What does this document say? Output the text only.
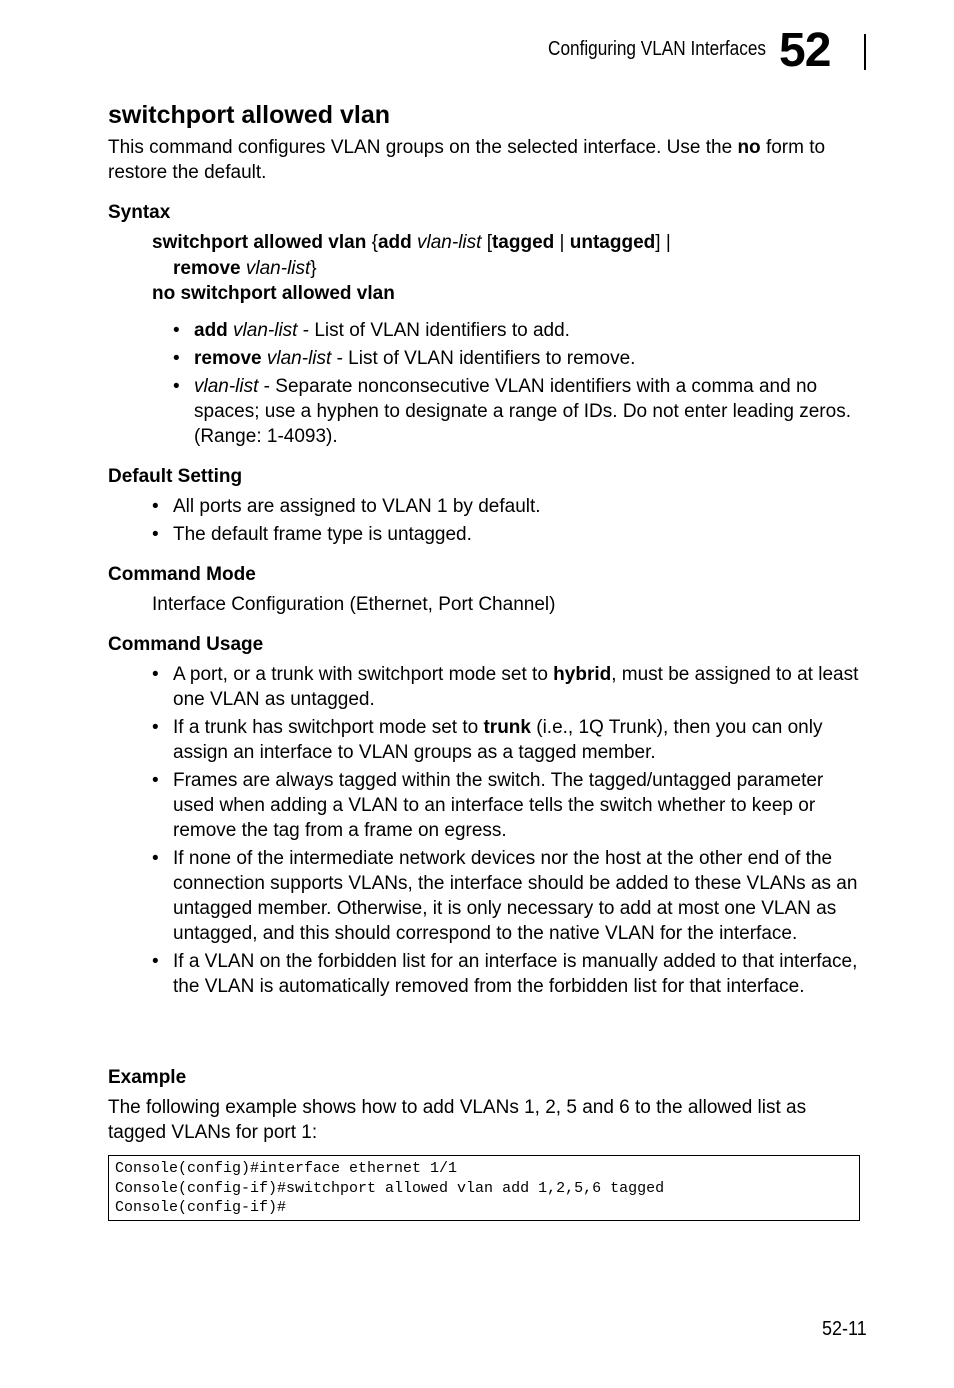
Configuring VLAN Interfaces 52
switchport allowed vlan
This command configures VLAN groups on the selected interface. Use the no form to restore the default.
Syntax
switchport allowed vlan {add vlan-list [tagged | untagged] |
remove vlan-list}
no switchport allowed vlan
• add vlan-list - List of VLAN identifiers to add.
• remove vlan-list - List of VLAN identifiers to remove.
• vlan-list - Separate nonconsecutive VLAN identifiers with a comma and no spaces; use a hyphen to designate a range of IDs. Do not enter leading zeros. (Range: 1-4093).
Default Setting
• All ports are assigned to VLAN 1 by default.
• The default frame type is untagged.
Command Mode
Interface Configuration (Ethernet, Port Channel)
Command Usage
• A port, or a trunk with switchport mode set to hybrid, must be assigned to at least one VLAN as untagged.
• If a trunk has switchport mode set to trunk (i.e., 1Q Trunk), then you can only assign an interface to VLAN groups as a tagged member.
• Frames are always tagged within the switch. The tagged/untagged parameter used when adding a VLAN to an interface tells the switch whether to keep or remove the tag from a frame on egress.
• If none of the intermediate network devices nor the host at the other end of the connection supports VLANs, the interface should be added to these VLANs as an untagged member. Otherwise, it is only necessary to add at most one VLAN as untagged, and this should correspond to the native VLAN for the interface.
• If a VLAN on the forbidden list for an interface is manually added to that interface, the VLAN is automatically removed from the forbidden list for that interface.
Example
The following example shows how to add VLANs 1, 2, 5 and 6 to the allowed list as tagged VLANs for port 1:
Console(config)#interface ethernet 1/1
Console(config-if)#switchport allowed vlan add 1,2,5,6 tagged
Console(config-if)#
52-11
